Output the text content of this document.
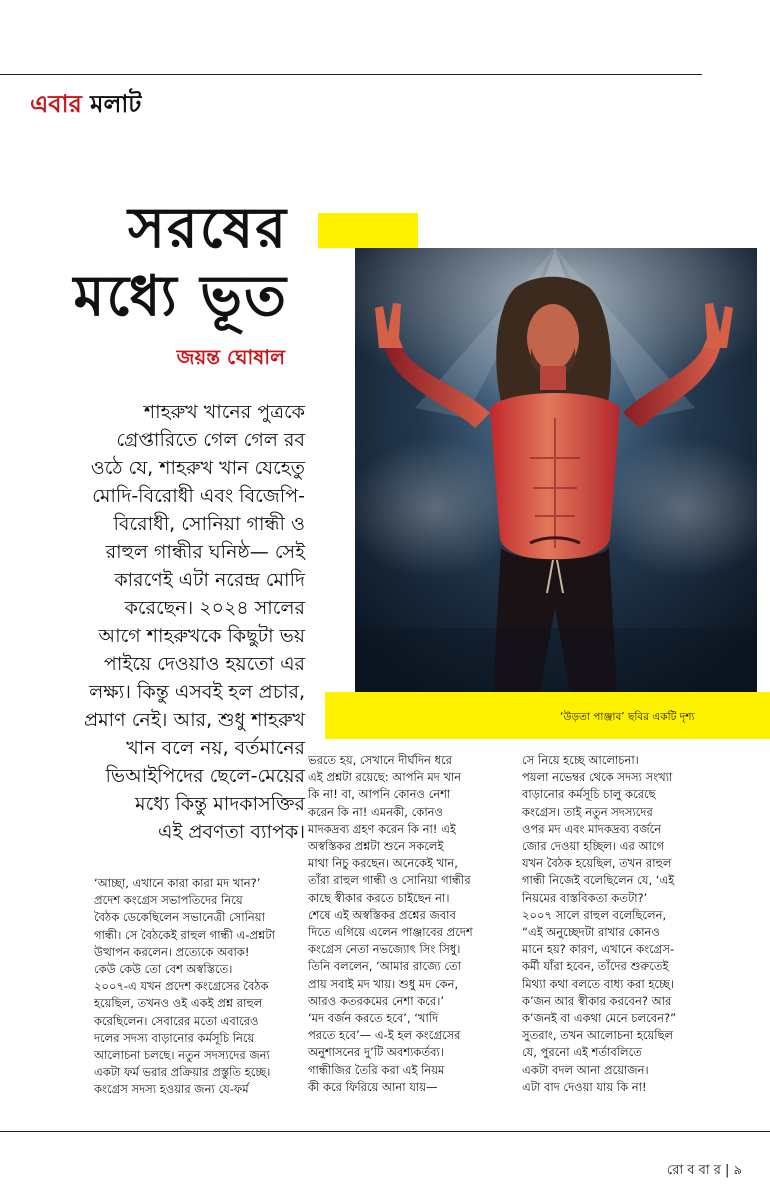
এবার মলাট
সরষের
মধ্যে ভূত
জয়ন্ত ঘোষাল
‘উড়তা পাঞ্জাব’ ছবির একটি দৃশ্য
শাহরুখ খানের পুত্রকে
গ্রেপ্তারিতে গেল গেল রব
ওঠে যে, শাহরুখ খান যেহেতু
মোদি-বিরোধী এবং বিজেপি-
বিরোধী, সোনিয়া গান্ধী ও
রাহুল গান্ধীর ঘনিষ্ঠ— সেই
কারণেই এটা নরেন্দ্র মোদি
করেছেন। ২০২৪ সালের
আগে শাহরুখকে কিছুটা ভয়
পাইয়ে দেওয়াও হয়তো এর
লক্ষ্য। কিন্তু এসবই হল প্রচার,
প্রমাণ নেই। আর, শুধু শাহরুখ
খান বলে নয়, বর্তমানের
ভিআইপিদের ছেলে-মেয়ের
মধ্যে কিন্তু মাদকাসক্তির
এই প্রবণতা ব্যাপক।
‘আচ্ছা, এখানে কারা কারা মদ খান?’
প্রদেশ কংগ্রেস সভাপতিদের নিয়ে
বৈঠক ডেকেছিলেন সভানেত্রী সোনিয়া
গান্ধী। সে বৈঠকেই রাহুল গান্ধী এ-প্রশ্নটা
উত্থাপন করলেন। প্রত্যেকে অবাক!
কেউ কেউ তো বেশ অস্বস্তিতে।
২০০৭-এ যখন প্রদেশ কংগ্রেসের বৈঠক
হয়েছিল, তখনও ওই একই প্রশ্ন রাহুল
করেছিলেন। সেবারের মতো এবারেও
দলের সদস্য বাড়ানোর কর্মসূচি নিয়ে
আলোচনা চলছে। নতুন সদস্যদের জন্য
একটা ফর্ম ভরার প্রক্রিয়ার প্রস্তুতি হচ্ছে।
কংগ্রেস সদস্য হওয়ার জন্য যে-ফর্ম
ভরতে হয়, সেখানে দীর্ঘদিন ধরে
এই প্রশ্নটা রয়েছে: আপনি মদ খান
কি না! বা, আপনি কোনও নেশা
করেন কি না! এমনকী, কোনও
মাদকদ্রব্য গ্রহণ করেন কি না! এই
অস্বস্তিকর প্রশ্নটা শুনে সকলেই
মাথা নিচু করছেন। অনেকেই খান,
তাঁরা রাহুল গান্ধী ও সোনিয়া গান্ধীর
কাছে স্বীকার করতে চাইছেন না।
শেষে এই অস্বস্তিকর প্রশ্নের জবাব
দিতে এগিয়ে এলেন পাঞ্জাবের প্রদেশ
কংগ্রেস নেতা নভজ্যোৎ সিং সিধু।
তিনি বললেন, ‘আমার রাজ্যে তো
প্রায় সবাই মদ খায়। শুধু মদ কেন,
আরও কতরকমের নেশা করে।’
‘মদ বর্জন করতে হবে’, ‘খাদি
পরতে হবে’— এ-ই হল কংগ্রেসের
অনুশাসনের দু’টি অবশ্যকর্তব্য।
গান্ধীজির তৈরি করা এই নিয়ম
কী করে ফিরিয়ে আনা যায়—
সে নিয়ে হচ্ছে আলোচনা।
পয়লা নভেম্বর থেকে সদস্য সংখ্যা
বাড়ানোর কর্মসূচি চালু করেছে
কংগ্রেস। তাই নতুন সদস্যদের
ওপর মদ এবং মাদকদ্রব্য বর্জনে
জোর দেওয়া হচ্ছিল। এর আগে
যখন বৈঠক হয়েছিল, তখন রাহুল
গান্ধী নিজেই বলেছিলেন যে, ‘এই
নিয়মের বাস্তবিকতা কতটা?’
২০০৭ সালে রাহুল বলেছিলেন,
“এই অনুচ্ছেদটা রাখার কোনও
মানে হয়? কারণ, এখানে কংগ্রেস-
কর্মী যাঁরা হবেন, তাঁদের শুরুতেই
মিথ্যা কথা বলতে বাধ্য করা হচ্ছে।
ক’জন আর স্বীকার করবেন? আর
ক’জনই বা একথা মেনে চলবেন?”
সুতরাং, তখন আলোচনা হয়েছিল
যে, পুরনো এই শর্তাবলিতে
একটা বদল আনা প্রয়োজন।
এটা বাদ দেওয়া যায় কি না!
রো ব বা র | ৯
